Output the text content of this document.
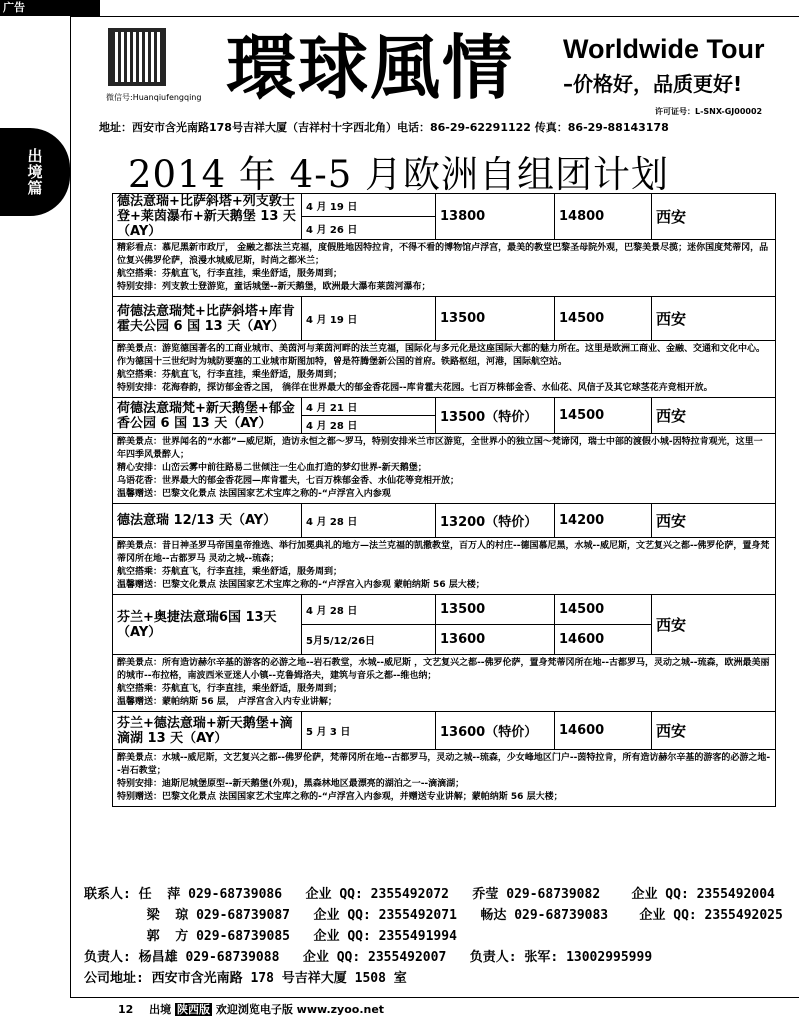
广告
微信号:Huanqiufengqing 環球風情 Worldwide Tour
–价格好，品质更好!
许可证号：L-SNX-GJ00002
地址：西安市含光南路178号吉祥大厦（吉祥村十字西北角）电话：86-29-62291122 传真：86-29-88143178
出
境
篇 2014 年 4-5 月欧洲自组团计划
德法意瑞+比萨斜塔+列支敦士登+莱茵瀑布+新天鹅堡 13 天（AY）	4 月 19 日	13800	14800	西安
	4 月 26 日			

精彩看点：慕尼黑新市政厅， 金融之都法兰克福，度假胜地因特拉肯，不得不看的博物馆卢浮宫，最美的教堂巴黎圣母院外观，巴黎美景尽揽；迷你国度梵蒂冈，品位复兴佛罗伦萨，浪漫水城威尼斯，时尚之都米兰；

航空搭乘：芬航直飞，行李直挂，乘坐舒适，服务周到；

特别安排：列支敦士登游览，童话城堡--新天鹅堡，欧洲最大瀑布莱茵河瀑布；				

荷德法意瑞梵+比萨斜塔+库肯霍夫公园 6 国 13 天（AY）	4 月 19 日	13500	14500	西安

醉美景点：游览德国著名的工商业城市、美茵河与莱茵河畔的法兰克福，国际化与多元化是这座国际大都的魅力所在。这里是欧洲工商业、金融、交通和文化中心。作为德国十三世纪时为城防要塞的工业城市斯图加特，曾是符腾堡新公国的首府。铁路枢纽，河港，国际航空站。

航空搭乘：芬航直飞，行李直挂，乘坐舒适，服务周到；

特别安排：花海春韵，探访郁金香之国， 徜徉在世界最大的郁金香花园--库肯霍夫花园。七百万株郁金香、水仙花、风信子及其它球茎花卉竞相开放。				

荷德法意瑞梵+新天鹅堡+郁金香公园 6 国 13 天（AY）	4 月 21 日	13500（特价）	14500	西安
	4 月 28 日			

醉美景点：世界闻名的“水都”—威尼斯，造访永恒之都～罗马，特别安排米兰市区游览，全世界小的独立国～梵谛冈，瑞士中部的渡假小城-因特拉肯观光，这里一年四季风景醉人；

精心安排：山峦云雾中前往路易二世倾注一生心血打造的梦幻世界-新天鹅堡；

乌语花香：世界最大的郁金香花园—库肯霍夫，七百万株郁金香、水仙花等竞相开放；

温馨赠送：巴黎文化景点 法国国家艺术宝库之称的-“卢浮宫入内参观				

德法意瑞 12/13 天（AY）	4 月 28 日	13200（特价）	14200	西安

醉美景点：昔日神圣罗马帝国皇帝推选、举行加冕典礼的地方—法兰克福的凯撒教堂，百万人的村庄--德国慕尼黑，水城--威尼斯，文艺复兴之都--佛罗伦萨，置身梵蒂冈所在地--古都罗马 灵动之城--琉森；

航空搭乘：芬航直飞，行李直挂，乘坐舒适，服务周到；

温馨赠送：巴黎文化景点 法国国家艺术宝库之称的-“卢浮宫入内参观 蒙帕纳斯 56 层大楼；				

芬兰+奥捷法意瑞6国 13天（AY）	4 月 28 日	13500	14500	西安
	5月5/12/26日	13600	14600	

醉美景点：所有造访赫尔辛基的游客的必游之地--岩石教堂，水城--威尼斯 ，文艺复兴之都--佛罗伦萨，置身梵蒂冈所在地--古都罗马，灵动之城--琉森，欧洲最美丽的城市--布拉格，南波西米亚迷人小镇--克鲁姆洛夫，建筑与音乐之都--维也纳；

航空搭乘：芬航直飞，行李直挂，乘坐舒适，服务周到；

温馨赠送：蒙帕纳斯 56 层， 卢浮宫含入内专业讲解；				

芬兰+德法意瑞+新天鹅堡+滴滴湖 13 天（AY）	5 月 3 日	13600（特价）	14600	西安

醉美景点：水城--威尼斯，文艺复兴之都--佛罗伦萨，梵蒂冈所在地--古都罗马，灵动之城--琉森，少女峰地区门户--茵特拉肯，所有造访赫尔辛基的游客的必游之地--岩石教堂；

特别安排：迪斯尼城堡原型--新天鹅堡(外观)，黑森林地区最漂亮的湖泊之一--滴滴湖；

特别赠送：巴黎文化景点 法国国家艺术宝库之称的-“卢浮宫入内参观，并赠送专业讲解；蒙帕纳斯 56 层大楼；				

联系人: 任  萍 029-68739086   企业 QQ: 2355492072   乔莹 029-68739082    企业 QQ: 2355492004
梁  琼 029-68739087   企业 QQ: 2355492071   畅达 029-68739083    企业 QQ: 2355492025
郭  方 029-68739085   企业 QQ: 2355491994
负责人: 杨昌雄 029-68739088   企业 QQ: 2355492007   负责人: 张军: 13002995999
公司地址: 西安市含光南路 178 号吉祥大厦 1508 室
12 出境 陕西版 欢迎浏览电子版 www.zyoo.net
